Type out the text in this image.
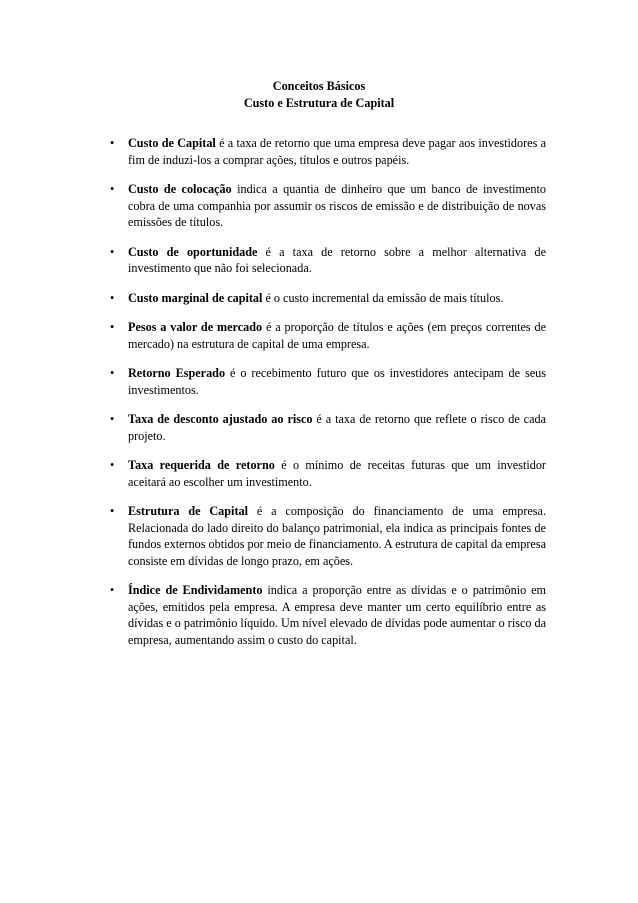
Conceitos Básicos
Custo e Estrutura de Capital
• Custo de Capital é a taxa de retorno que uma empresa deve pagar aos investidores a fim de induzi-los a comprar ações, títulos e outros papéis.
• Custo de colocação indica a quantia de dinheiro que um banco de investimento cobra de uma companhia por assumir os riscos de emissão e de distribuição de novas emissões de títulos.
• Custo de oportunidade é a taxa de retorno sobre a melhor alternativa de investimento que não foi selecionada.
• Custo marginal de capital é o custo incremental da emissão de mais títulos.
• Pesos a valor de mercado é a proporção de títulos e ações (em preços correntes de mercado) na estrutura de capital de uma empresa.
• Retorno Esperado é o recebimento futuro que os investidores antecipam de seus investimentos.
• Taxa de desconto ajustado ao risco é a taxa de retorno que reflete o risco de cada projeto.
• Taxa requerida de retorno é o mínimo de receitas futuras que um investidor aceitará ao escolher um investimento.
• Estrutura de Capital é a composição do financiamento de uma empresa. Relacionada do lado direito do balanço patrimonial, ela indica as principais fontes de fundos externos obtidos por meio de financiamento. A estrutura de capital da empresa consiste em dívidas de longo prazo, em ações.
• Índice de Endividamento indica a proporção entre as dívidas e o patrimônio em ações, emitidos pela empresa. A empresa deve manter um certo equilíbrio entre as dívidas e o patrimônio líquido. Um nível elevado de dívidas pode aumentar o risco da empresa, aumentando assim o custo do capital.
